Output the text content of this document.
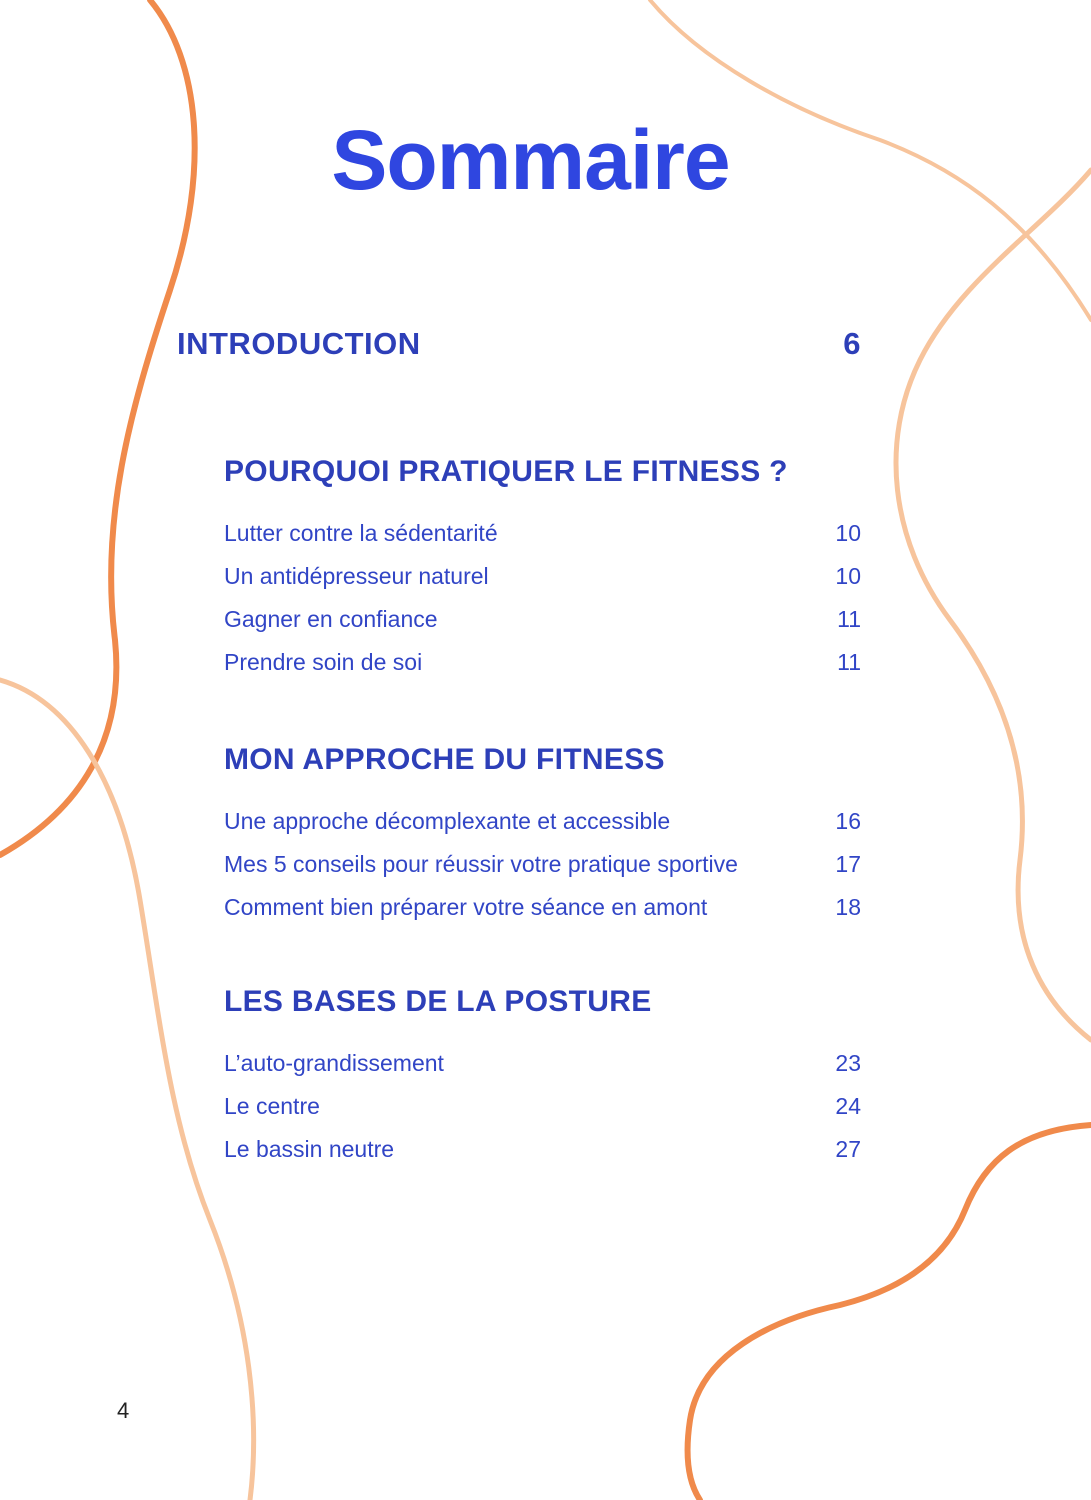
Sommaire
INTRODUCTION	6
POURQUOI PRATIQUER LE FITNESS ?
Lutter contre la sédentarité	10
Un antidépresseur naturel	10
Gagner en confiance	11
Prendre soin de soi	11
MON APPROCHE DU FITNESS
Une approche décomplexante et accessible	16
Mes 5 conseils pour réussir votre pratique sportive	17
Comment bien préparer votre séance en amont	18
LES BASES DE LA POSTURE
L’auto-grandissement	23
Le centre	24
Le bassin neutre	27
4
